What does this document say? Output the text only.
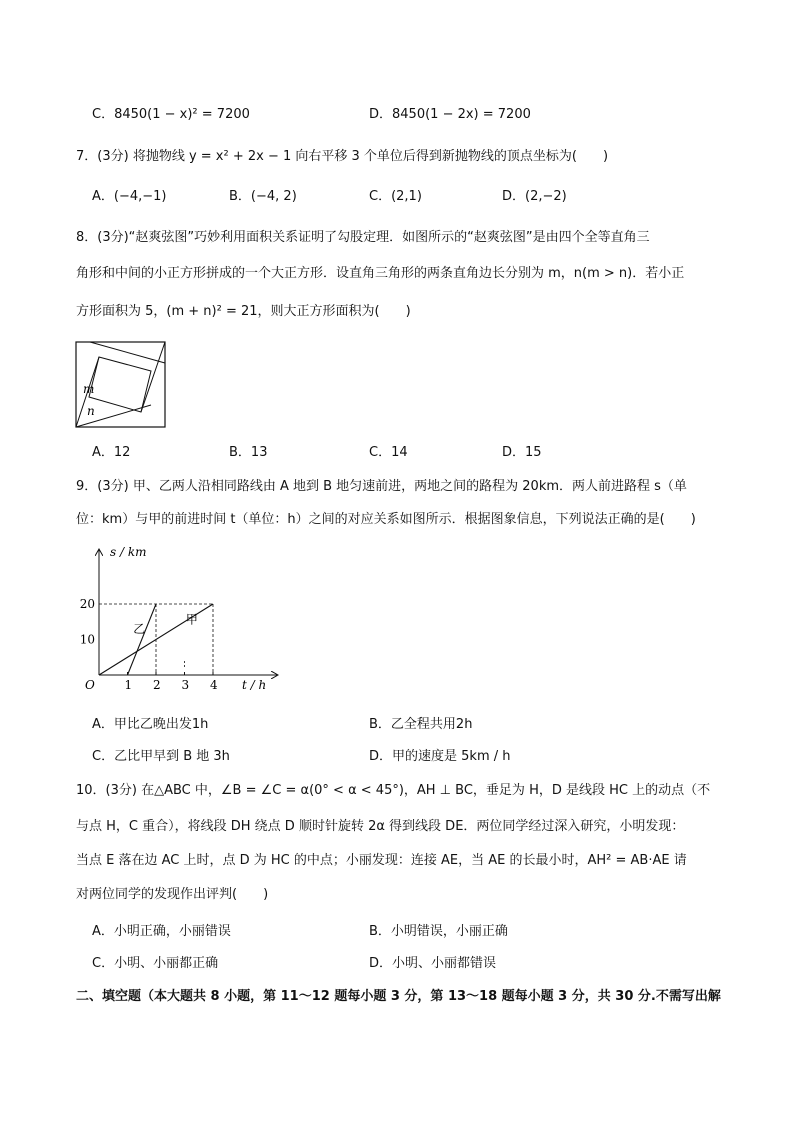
C．8450(1 − x)² = 7200	D．8450(1 − 2x) = 7200
7．(3分) 将抛物线 y = x² + 2x − 1 向右平移 3 个单位后得到新抛物线的顶点坐标为(　　)
A．(−4,−1)	B．(−4, 2)	C．(2,1)	D．(2,−2)
8．(3分)“赵爽弦图”巧妙利用面积关系证明了勾股定理．如图所示的“赵爽弦图”是由四个全等直角三
角形和中间的小正方形拼成的一个大正方形．设直角三角形的两条直角边长分别为 m，n(m > n)．若小正
方形面积为 5，(m + n)² = 21，则大正方形面积为(　　)
m
n
A．12	B．13	C．14	D．15
9．(3分) 甲、乙两人沿相同路线由 A 地到 B 地匀速前进，两地之间的路程为 20km．两人前进路程 s（单
位：km）与甲的前进时间 t（单位：h）之间的对应关系如图所示．根据图象信息，下列说法正确的是(　　)
s / km
t / h
O 1 2 3 4
10
20
甲
乙
A．甲比乙晚出发1h	B．乙全程共用2h
C．乙比甲早到 B 地 3h	D．甲的速度是 5km / h
10．(3分) 在△ABC 中，∠B = ∠C = α(0° < α < 45°)，AH ⊥ BC，垂足为 H，D 是线段 HC 上的动点（不
与点 H，C 重合），将线段 DH 绕点 D 顺时针旋转 2α 得到线段 DE．两位同学经过深入研究，小明发现：
当点 E 落在边 AC 上时，点 D 为 HC 的中点；小丽发现：连接 AE，当 AE 的长最小时，AH² = AB·AE 请
对两位同学的发现作出评判(　　)
A．小明正确，小丽错误	B．小明错误，小丽正确
C．小明、小丽都正确	D．小明、小丽都错误
二、填空题（本大题共 8 小题，第 11～12 题每小题 3 分，第 13～18 题每小题 3 分，共 30 分.不需写出解
